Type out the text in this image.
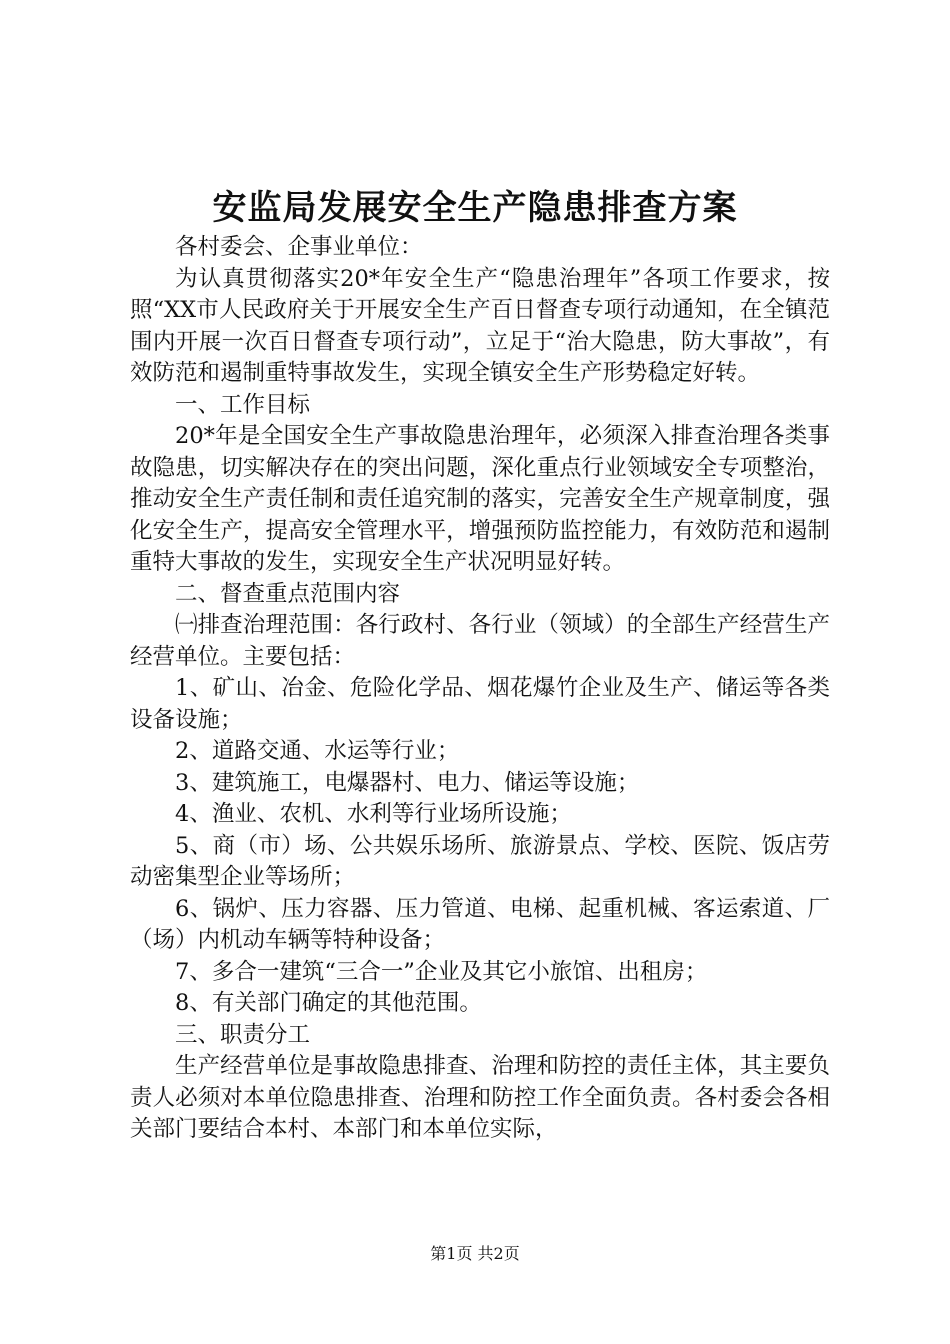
安监局发展安全生产隐患排查方案

各村委会、企事业单位：

为认真贯彻落实20*年安全生产“隐患治理年”各项工作要求，按照“XX市人民政府关于开展安全生产百日督查专项行动通知，在全镇范围内开展一次百日督查专项行动”，立足于“治大隐患，防大事故”，有效防范和遏制重特事故发生，实现全镇安全生产形势稳定好转。

一、工作目标

20*年是全国安全生产事故隐患治理年，必须深入排查治理各类事故隐患，切实解决存在的突出问题，深化重点行业领域安全专项整治，推动安全生产责任制和责任追究制的落实，完善安全生产规章制度，强化安全生产，提高安全管理水平，增强预防监控能力，有效防范和遏制重特大事故的发生，实现安全生产状况明显好转。

二、督查重点范围内容

㈠排查治理范围：各行政村、各行业（领域）的全部生产经营生产经营单位。主要包括：

1、矿山、冶金、危险化学品、烟花爆竹企业及生产、储运等各类设备设施；

2、道路交通、水运等行业；

3、建筑施工，电爆器村、电力、储运等设施；

4、渔业、农机、水利等行业场所设施；

5、商（市）场、公共娱乐场所、旅游景点、学校、医院、饭店劳动密集型企业等场所；

6、锅炉、压力容器、压力管道、电梯、起重机械、客运索道、厂（场）内机动车辆等特种设备；

7、多合一建筑“三合一”企业及其它小旅馆、出租房；

8、有关部门确定的其他范围。

三、职责分工

生产经营单位是事故隐患排查、治理和防控的责任主体，其主要负责人必须对本单位隐患排查、治理和防控工作全面负责。各村委会各相关部门要结合本村、本部门和本单位实际，

第1页 共2页
